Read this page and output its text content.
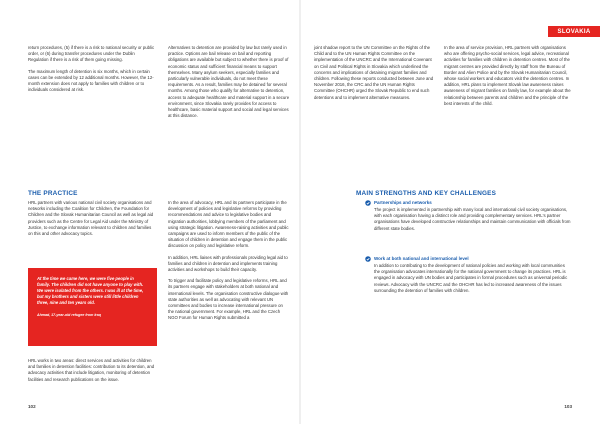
SLOVAKIA

return procedures, (5) if there is a risk to national security or public order, or (6) during transfer procedures under the Dublin Regulation if there is a risk of them going missing.

The maximum length of detention is six months, which in certain cases can be extended by 12 additional months. However, the 12-month extension does not apply to families with children or to individuals considered at risk.

Alternatives to detention are provided by law but rarely used in practice. Options are bail release on bail and reporting obligations are available but subject to whether there is proof of economic status and sufficient financial means to support themselves. Many asylum seekers, especially families and particularly vulnerable individuals, do not meet these requirements. As a result, families may be detained for several months. Among those who qualify for alternative to detention, access to adequate healthcare and material support in a secure environment, since Slovakia rarely provides for access to healthcare, basic material support and social and legal services at this distance.

joint shadow report to the UN Committee on the Rights of the Child and to the UN Human Rights Committee on the implementation of the UNCRC and the International Covenant on Civil and Political Rights in Slovakia which underlined the concerns and implications of detaining migrant families and children. Following these reports conducted between June and November 2016, the CRC and the UN Human Rights Committee (OHCHR) urged the Slovak Republic to end such detentions and to implement alternative measures.

In the area of service provision, HRL partners with organisations who are offering psycho-social services, legal advice, recreational activities for families with children in detention centres. Most of the migrant centres are provided directly by staff from the Bureau of Border and Alien Police and by the Slovak Humanitarian Council, whose social workers and educators visit the detention centres. In addition, HRL plans to implement Slovak law awareness raises awareness of migrant families on family law, for example about the relationship between parents and children and the principle of the best interests of the child.

THE PRACTICE

HRL partners with various national civil society organisations and networks including the Coalition for Children, the Foundation for Children and the Slovak Humanitarian Council as well as legal aid providers such as the Centre for Legal Aid under the Ministry of Justice, to exchange information relevant to children and families on this and other advocacy topics.

At the time we came here, we were five people in family. The children did not have anyone to play with. We were isolated from the others. I was ill at the time, but my brothers and sisters were still little children three, nine and ten years old.

Ahmad, 17-year-old refugee from Iraq

HRL works in two areas: direct services and activities for children and families in detention facilities: contribution to its detention, and advocacy activities that include litigation, monitoring of detention facilities and research publications on the issue.

In the area of advocacy, HRL and its partners participate in the development of policies and legislative reforms by providing recommendations and advice to legislative bodies and migration authorities, lobbying members of the parliament and using strategic litigation. Awareness-raising activities and public campaigns are used to inform members of the public of the situation of children in detention and engage them in the public discussion on policy and legislative reform.

In addition, HRL liaises with professionals providing legal aid to families and children in detention and implements training activities and workshops to build their capacity.

To trigger and facilitate policy and legislative reforms, HRL and its partners engage with stakeholders at both national and international levels. The organisation constructive dialogue with state authorities as well as advocating with relevant UN committees and bodies to increase international pressure on the national government. For example, HRL and the Czech NGO Forum for Human Rights submitted a

MAIN STRENGTHS AND KEY CHALLENGES
Partnerships and networks
The project is implemented in partnership with many local and international civil society organisations, with each organisation having a distinct role and providing complementary services. HRL's partner organisations have developed constructive relationships and maintain communication with officials from different state bodies.
Work at both national and international level
In addition to contributing to the development of national policies and working with local communities the organisation advocates internationally for the national government to change its practices. HRL is engaged in advocacy with UN bodies and participates in formal procedures such as universal periodic reviews. Advocacy with the UNCRC and the OHCHR has led to increased awareness of the issues surrounding the detention of families with children.
102	103
